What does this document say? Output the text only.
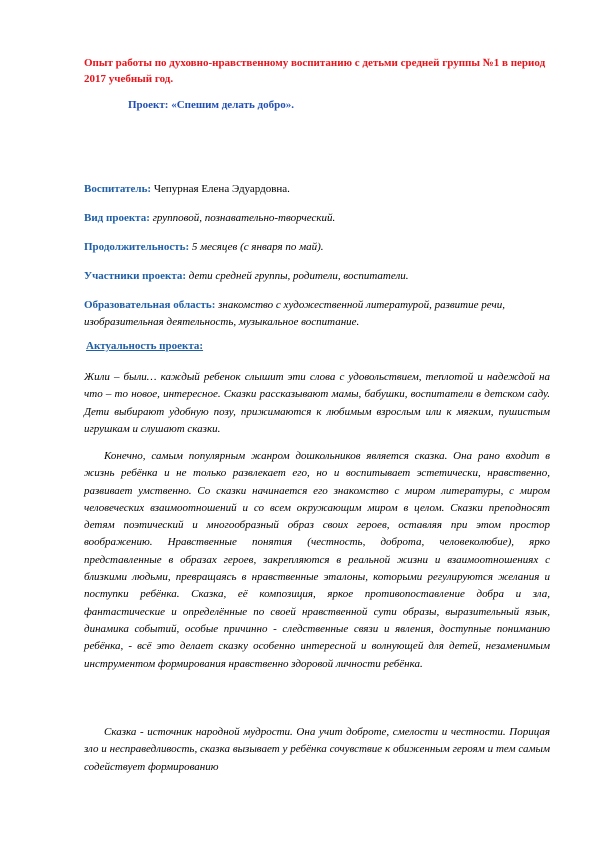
Опыт работы по духовно-нравственному воспитанию с детьми средней группы №1 в период 2017 учебный год.
Проект: «Спешим делать добро».
Воспитатель: Чепурная Елена Эдуардовна.
Вид проекта: групповой, познавательно-творческий.
Продолжительность: 5 месяцев (с января по май).
Участники проекта: дети средней группы, родители, воспитатели.
Образовательная область: знакомство с художественной литературой, развитие речи, изобразительная деятельность, музыкальное воспитание.
Актуальность проекта:
Жили – были… каждый ребенок слышит эти слова с удовольствием, теплотой и надеждой на что – то новое, интересное. Сказки рассказывают мамы, бабушки, воспитатели в детском саду. Дети выбирают удобную позу, прижимаются к любимым взрослым или к мягким, пушистым игрушкам и слушают сказки.
Конечно, самым популярным жанром дошкольников является сказка. Она рано входит в жизнь ребёнка и не только развлекает его, но и воспитывает эстетически, нравственно, развивает умственно. Со сказки начинается его знакомство с миром литературы, с миром человеческих взаимоотношений и со всем окружающим миром в целом. Сказки преподносят детям поэтический и многообразный образ своих героев, оставляя при этом простор воображению. Нравственные понятия (честность, доброта, человеколюбие), ярко представленные в образах героев, закрепляются в реальной жизни и взаимоотношениях с близкими людьми, превращаясь в нравственные эталоны, которыми регулируются желания и поступки ребёнка. Сказка, её композиция, яркое противопоставление добра и зла, фантастические и определённые по своей нравственной сути образы, выразительный язык, динамика событий, особые причинно - следственные связи и явления, доступные пониманию ребёнка, - всё это делает сказку особенно интересной и волнующей для детей, незаменимым инструментом формирования нравственно здоровой личности ребёнка.
Сказка - источник народной мудрости. Она учит доброте, смелости и честности. Порицая зло и несправедливость, сказка вызывает у ребёнка сочувствие к обиженным героям и тем самым содействует формированию
